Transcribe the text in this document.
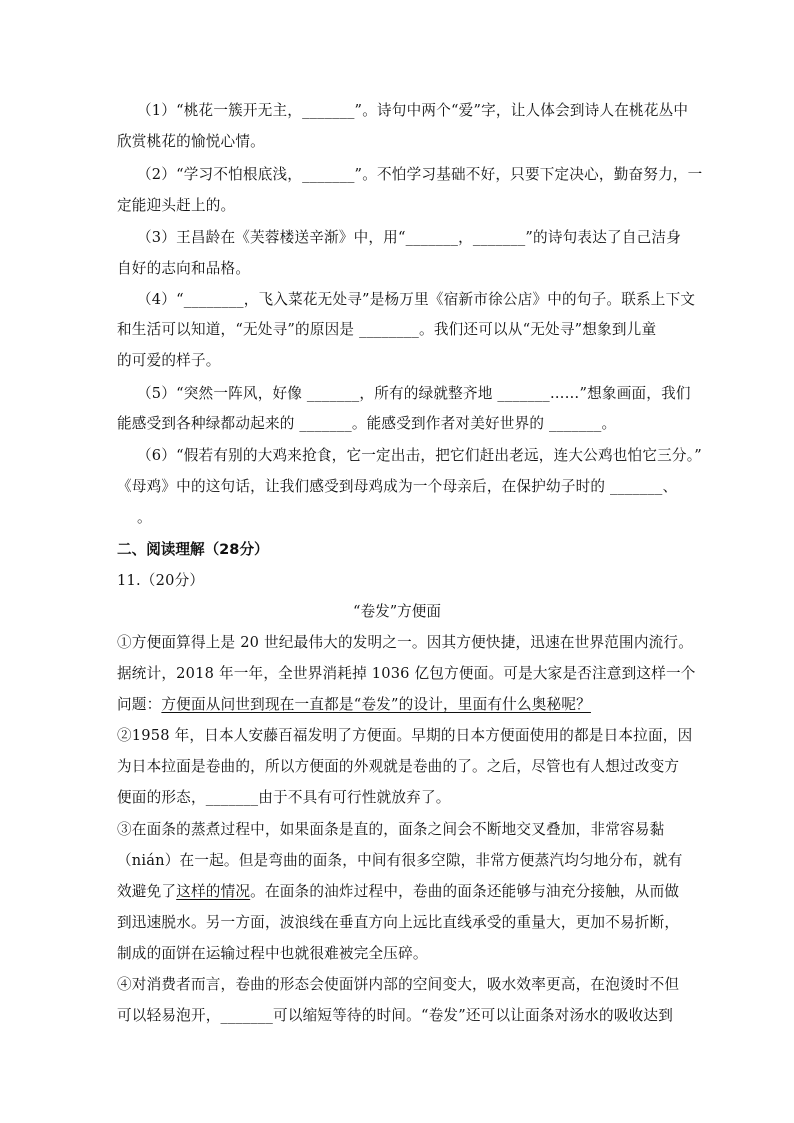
（1）“桃花一簇开无主，_______”。诗句中两个“爱”字，让人体会到诗人在桃花丛中
欣赏桃花的愉悦心情。
（2）“学习不怕根底浅，_______”。不怕学习基础不好，只要下定决心，勤奋努力，一
定能迎头赶上的。
（3）王昌龄在《芙蓉楼送辛渐》中，用“_______，_______”的诗句表达了自己洁身
自好的志向和品格。
（4）“________，飞入菜花无处寻”是杨万里《宿新市徐公店》中的句子。联系上下文
和生活可以知道，“无处寻”的原因是 ________。我们还可以从“无处寻”想象到儿童
的可爱的样子。
（5）“突然一阵风，好像 _______，所有的绿就整齐地 _______……”想象画面，我们
能感受到各种绿都动起来的 _______。能感受到作者对美好世界的 _______。
（6）“假若有别的大鸡来抢食，它一定出击，把它们赶出老远，连大公鸡也怕它三分。”
《母鸡》中的这句话，让我们感受到母鸡成为一个母亲后，在保护幼子时的 _______、
。
二、阅读理解（28分）
11.（20分）
“卷发”方便面
①方便面算得上是 20 世纪最伟大的发明之一。因其方便快捷，迅速在世界范围内流行。
据统计，2018 年一年，全世界消耗掉 1036 亿包方便面。可是大家是否注意到这样一个
问题：方便面从问世到现在一直都是“卷发”的设计，里面有什么奥秘呢？
②1958 年，日本人安藤百福发明了方便面。早期的日本方便面使用的都是日本拉面，因
为日本拉面是卷曲的，所以方便面的外观就是卷曲的了。之后，尽管也有人想过改变方
便面的形态，_______由于不具有可行性就放弃了。
③在面条的蒸煮过程中，如果面条是直的，面条之间会不断地交叉叠加，非常容易黏
（nián）在一起。但是弯曲的面条，中间有很多空隙，非常方便蒸汽均匀地分布，就有
效避免了这样的情况。在面条的油炸过程中，卷曲的面条还能够与油充分接触，从而做
到迅速脱水。另一方面，波浪线在垂直方向上远比直线承受的重量大，更加不易折断，
制成的面饼在运输过程中也就很难被完全压碎。
④对消费者而言，卷曲的形态会使面饼内部的空间变大，吸水效率更高，在泡烫时不但
可以轻易泡开，_______可以缩短等待的时间。“卷发”还可以让面条对汤水的吸收达到
